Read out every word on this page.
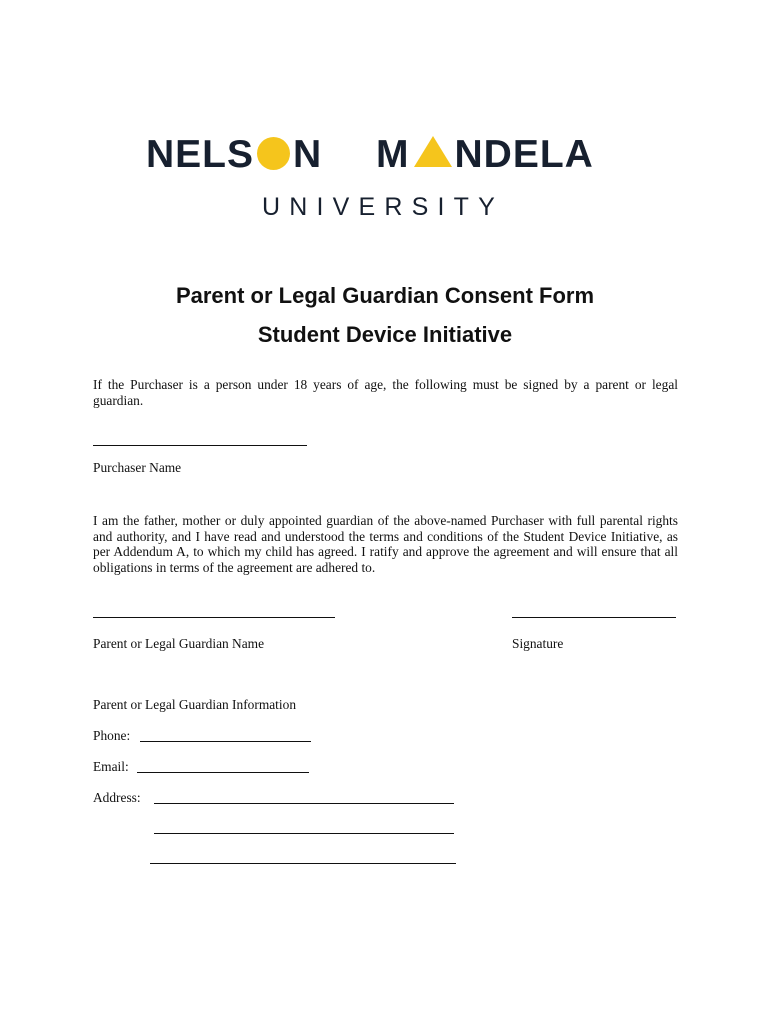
NELS N M NDELA
UNIVERSITY
Parent or Legal Guardian Consent Form
Student Device Initiative
If the Purchaser is a person under 18 years of age, the following must be signed by a parent or legal guardian.
Purchaser Name
I am the father, mother or duly appointed guardian of the above-named Purchaser with full parental rights and authority, and I have read and understood the terms and conditions of the Student Device Initiative, as per Addendum A, to which my child has agreed. I ratify and approve the agreement and will ensure that all obligations in terms of the agreement are adhered to.
Parent or Legal Guardian Name	Signature
Parent or Legal Guardian Information
Phone:
Email:
Address:
